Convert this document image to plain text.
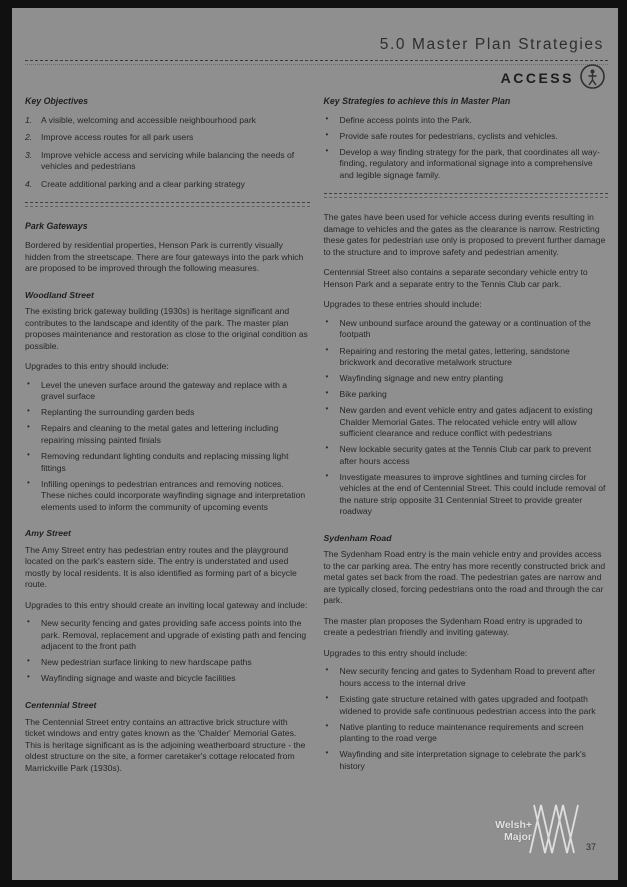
5.0 Master Plan Strategies
ACCESS
Key Objectives
1.	A visible, welcoming and accessible neighbourhood park
2.	Improve access routes for all park users
3.	Improve vehicle access and servicing while balancing the needs of vehicles and pedestrians
4.	Create additional parking and a clear parking strategy
Park Gateways

Bordered by residential properties, Henson Park is currently visually hidden from the streetscape. There are four gateways into the park which are proposed to be improved through the following measures.

Woodland Street

The existing brick gateway building (1930s) is heritage significant and contributes to the landscape and identity of the park. The master plan proposes maintenance and restoration as close to the original condition as possible.

Upgrades to this entry should include:

• Level the uneven surface around the gateway and replace with a gravel surface
• Replanting the surrounding garden beds
• Repairs and cleaning to the metal gates and lettering including repairing missing painted finials
• Removing redundant lighting conduits and replacing missing light fittings
• Infilling openings to pedestrian entrances and removing notices. These niches could incorporate wayfinding signage and interpretation elements used to inform the community of upcoming events
Amy Street

The Amy Street entry has pedestrian entry routes and the playground located on the park's eastern side. The entry is understated and used mostly by local residents. It is also identified as forming part of a bicycle route.

Upgrades to this entry should create an inviting local gateway and include:

• New security fencing and gates providing safe access points into the park. Removal, replacement and upgrade of existing path and fencing adjacent to the front path
• New pedestrian surface linking to new hardscape paths
• Wayfinding signage and waste and bicycle facilities
Centennial Street

The Centennial Street entry contains an attractive brick structure with ticket windows and entry gates known as the 'Chalder' Memorial Gates. This is heritage significant as is the adjoining weatherboard structure - the oldest structure on the site, a former caretaker's cottage relocated from Marrickville Park (1930s).

Key Strategies to achieve this in Master Plan
• Define access points into the Park.
• Provide safe routes for pedestrians, cyclists and vehicles.
• Develop a way finding strategy for the park, that coordinates all way-finding, regulatory and informational signage into a comprehensive and legible signage family.

The gates have been used for vehicle access during events resulting in damage to vehicles and the gates as the clearance is narrow. Restricting these gates for pedestrian use only is proposed to prevent further damage to the structure and to improve safety and pedestrian amenity.

Centennial Street also contains a separate secondary vehicle entry to Henson Park and a separate entry to the Tennis Club car park.

Upgrades to these entries should include:

• New unbound surface around the gateway or a continuation of the footpath
• Repairing and restoring the metal gates, lettering, sandstone brickwork and decorative metalwork structure
• Wayfinding signage and new entry planting
• Bike parking
• New garden and event vehicle entry and gates adjacent to existing Chalder Memorial Gates. The relocated vehicle entry will allow sufficient clearance and reduce conflict with pedestrians
• New lockable security gates at the Tennis Club car park to prevent after hours access
• Investigate measures to improve sightlines and turning circles for vehicles at the end of Centennial Street. This could include removal of the nature strip opposite 31 Centennial Street to provide greater roadway
Sydenham Road

The Sydenham Road entry is the main vehicle entry and provides access to the car parking area. The entry has more recently constructed brick and metal gates set back from the road. The pedestrian gates are narrow and are typically closed, forcing pedestrians onto the road and through the car park.

The master plan proposes the Sydenham Road entry is upgraded to create a pedestrian friendly and inviting gateway.

Upgrades to this entry should include:

• New security fencing and gates to Sydenham Road to prevent after hours access to the internal drive
• Existing gate structure retained with gates upgraded and footpath widened to provide safe continuous pedestrian access into the park
• Native planting to reduce maintenance requirements and screen planting to the road verge
• Wayfinding and site interpretation signage to celebrate the park's history
Welsh+
Major
37
